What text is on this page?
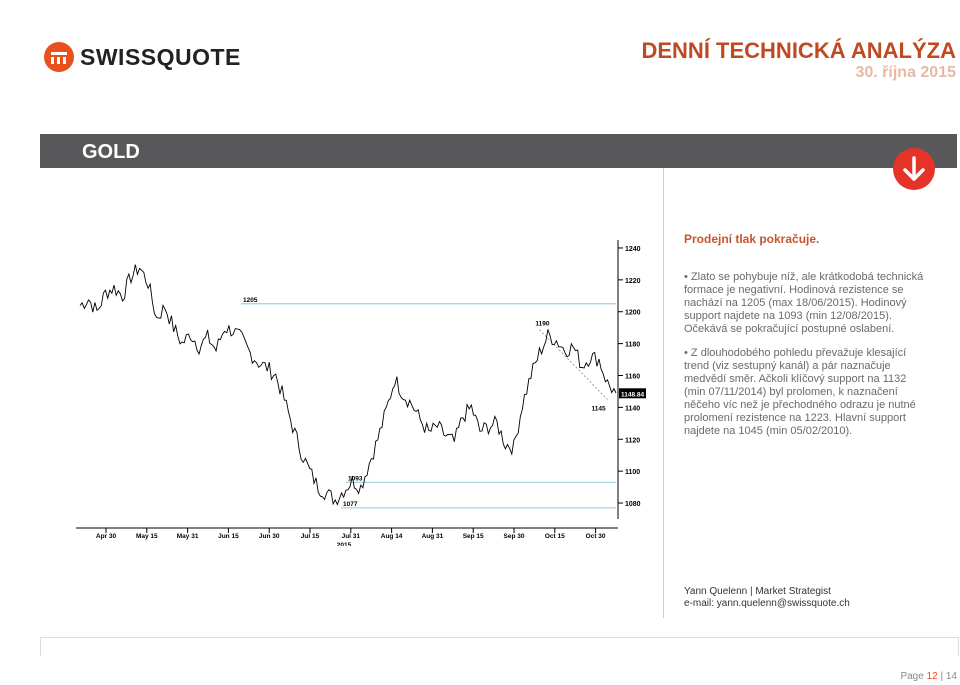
SWISSQUOTE	DENNÍ TECHNICKÁ ANALÝZA
30. října 2015
GOLD
1080
1100
1120
1140
1160
1180
1200
1220
1240
Apr 30	May 15	May 31	Jun 15	Jun 30	Jul 15	Jul 31	Aug 14	Aug 31	Sep 15	Sep 30	Oct 15	Oct 30
2015
1205
1093
1077
1190
1145
1148.84
Prodejní tlak pokračuje.

• Zlato se pohybuje níž, ale krátkodobá technická formace je negativní. Hodinová rezistence se nachází na 1205 (max 18/06/2015). Hodinový support najdete na 1093 (min 12/08/2015). Očekává se pokračující postupné oslabení.

• Z dlouhodobého pohledu převažuje klesající trend (viz sestupný kanál) a pár naznačuje medvědí směr. Ačkoli klíčový support na 1132 (min 07/11/2014) byl prolomen, k naznačení něčeho víc než je přechodného odrazu je nutné prolomení rezistence na 1223. Hlavní support najdete na 1045 (min 05/02/2010).

Yann Quelenn | Market Strategist
e-mail: yann.quelenn@swissquote.ch
Page 12 | 14
